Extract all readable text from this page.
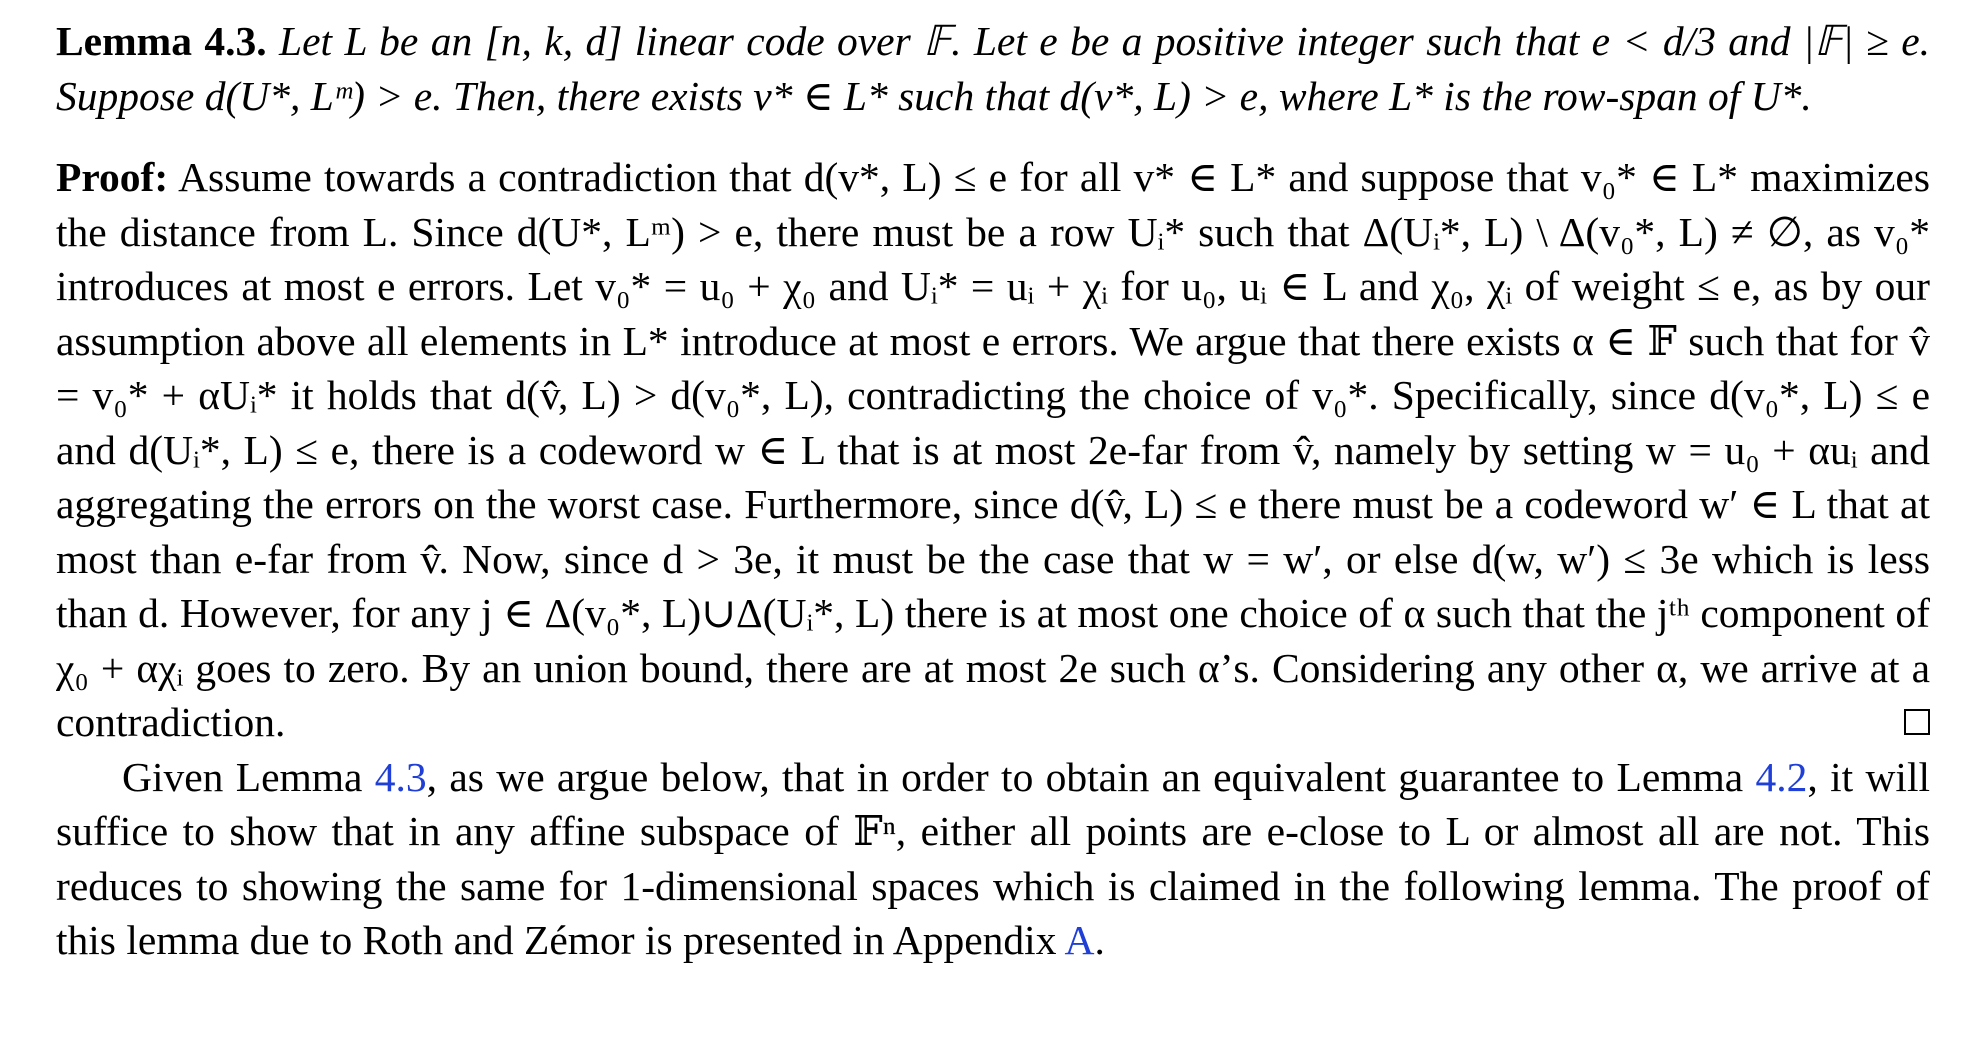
Lemma 4.3. Let L be an [n, k, d] linear code over 𝔽. Let e be a positive integer such that e < d/3 and |𝔽| ≥ e. Suppose d(U*, Lᵐ) > e. Then, there exists v* ∈ L* such that d(v*, L) > e, where L* is the row-span of U*.

Proof: Assume towards a contradiction that d(v*, L) ≤ e for all v* ∈ L* and suppose that v₀* ∈ L* maximizes the distance from L. Since d(U*, Lᵐ) > e, there must be a row Uᵢ* such that Δ(Uᵢ*, L) \ Δ(v₀*, L) ≠ ∅, as v₀* introduces at most e errors. Let v₀* = u₀ + χ₀ and Uᵢ* = uᵢ + χᵢ for u₀, uᵢ ∈ L and χ₀, χᵢ of weight ≤ e, as by our assumption above all elements in L* introduce at most e errors. We argue that there exists α ∈ 𝔽 such that for v̂ = v₀* + αUᵢ* it holds that d(v̂, L) > d(v₀*, L), contradicting the choice of v₀*. Specifically, since d(v₀*, L) ≤ e and d(Uᵢ*, L) ≤ e, there is a codeword w ∈ L that is at most 2e-far from v̂, namely by setting w = u₀ + αuᵢ and aggregating the errors on the worst case. Furthermore, since d(v̂, L) ≤ e there must be a codeword w′ ∈ L that at most than e-far from v̂. Now, since d > 3e, it must be the case that w = w′, or else d(w, w′) ≤ 3e which is less than d. However, for any j ∈ Δ(v₀*, L)∪Δ(Uᵢ*, L) there is at most one choice of α such that the jᵗʰ component of χ₀ + αχᵢ goes to zero. By an union bound, there are at most 2e such α’s. Considering any other α, we arrive at a contradiction.

Given Lemma 4.3, as we argue below, that in order to obtain an equivalent guarantee to Lemma 4.2, it will suffice to show that in any affine subspace of 𝔽ⁿ, either all points are e-close to L or almost all are not. This reduces to showing the same for 1-dimensional spaces which is claimed in the following lemma. The proof of this lemma due to Roth and Zémor is presented in Appendix A.
